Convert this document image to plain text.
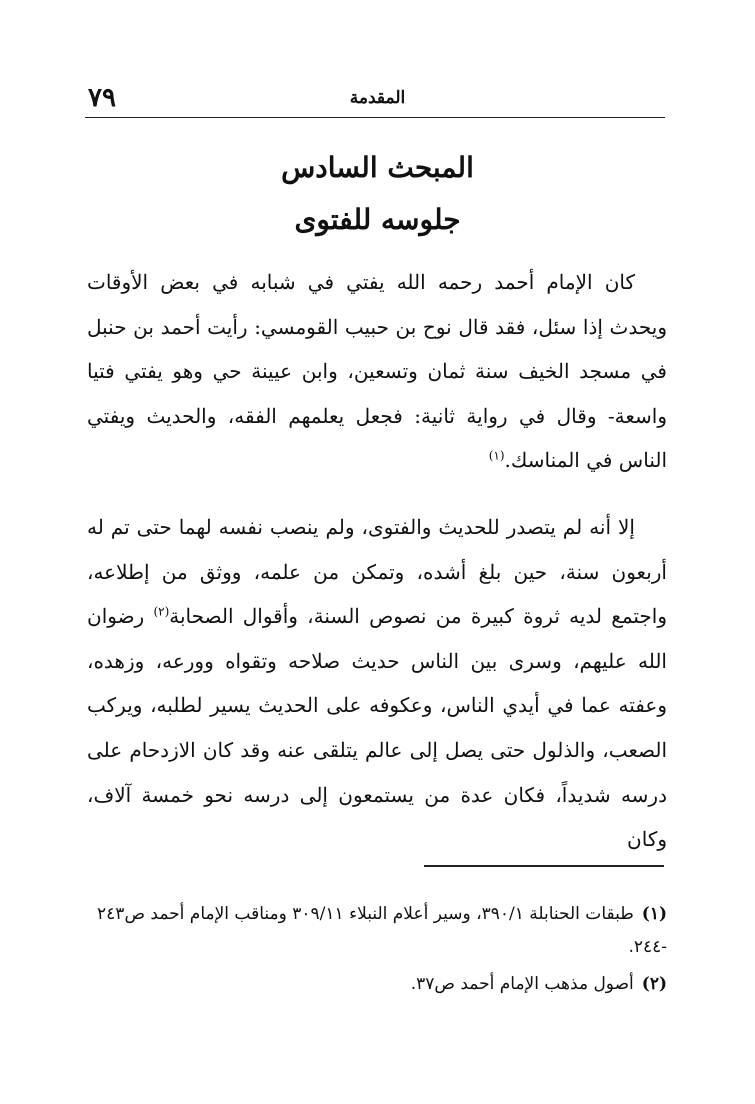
٧٩	المقدمة
المبحث السادس
جلوسه للفتوى

كان الإمام أحمد رحمه الله يفتي في شبابه في بعض الأوقات ويحدث إذا سئل، فقد قال نوح بن حبيب القومسي: رأيت أحمد بن حنبل في مسجد الخيف سنة ثمان وتسعين، وابن عيينة حي وهو يفتي فتيا واسعة- وقال في رواية ثانية: فجعل يعلمهم الفقه، والحديث ويفتي الناس في المناسك.$^{(١)}$

إلا أنه لم يتصدر للحديث والفتوى، ولم ينصب نفسه لهما حتى تم له أربعون سنة، حين بلغ أشده، وتمكن من علمه، ووثق من إطلاعه، واجتمع لديه ثروة كبيرة من نصوص السنة، وأقوال الصحابة$^{(٢)}$ رضوان الله عليهم، وسرى بين الناس حديث صلاحه وتقواه وورعه، وزهده، وعفته عما في أيدي الناس، وعكوفه على الحديث يسير لطلبه، ويركب الصعب، والذلول حتى يصل إلى عالم يتلقى عنه وقد كان الازدحام على درسه شديداً، فكان عدة من يستمعون إلى درسه نحو خمسة آلاف، وكان

(١)طبقات الحنابلة ٣٩٠/١، وسير أعلام النبلاء ٣٠٩/١١ ومناقب الإمام أحمد ص٢٤٣ -٢٤٤.
(٢)أصول مذهب الإمام أحمد ص٣٧.
